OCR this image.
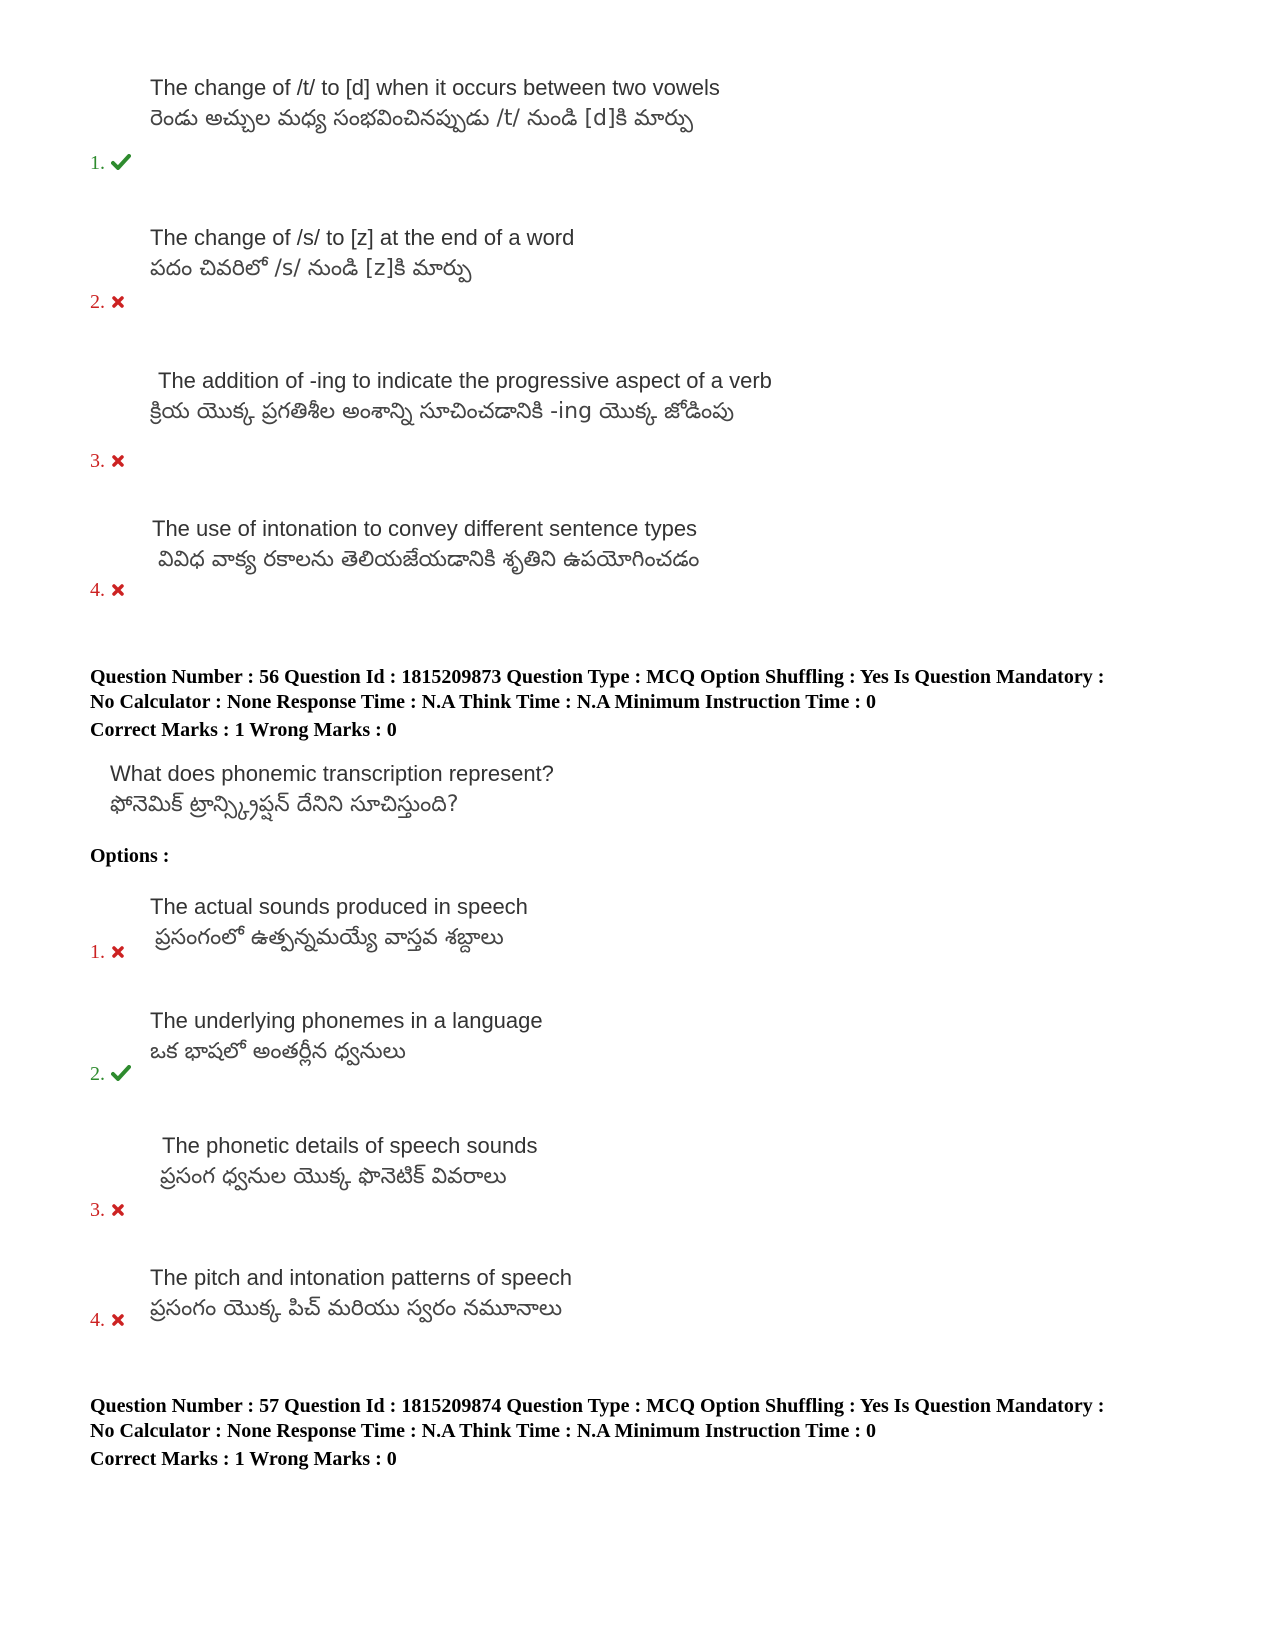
The change of /t/ to [d] when it occurs between two vowels
రెండు అచ్చుల మధ్య సంభవించినప్పుడు /t/ నుండి [d]కి మార్పు
1.
The change of /s/ to [z] at the end of a word
పదం చివరిలో /s/ నుండి [z]కి మార్పు
2.
The addition of -ing to indicate the progressive aspect of a verb
క్రియ యొక్క ప్రగతిశీల అంశాన్ని సూచించడానికి -ing యొక్క జోడింపు
3.
The use of intonation to convey different sentence types
వివిధ వాక్య రకాలను తెలియజేయడానికి శృతిని ఉపయోగించడం
4.
Question Number : 56 Question Id : 1815209873 Question Type : MCQ Option Shuffling : Yes Is Question Mandatory :
No Calculator : None Response Time : N.A Think Time : N.A Minimum Instruction Time : 0
Correct Marks : 1 Wrong Marks : 0
What does phonemic transcription represent?
ఫోనెమిక్ ట్రాన్స్క్రిప్షన్ దేనిని సూచిస్తుంది?
Options :
The actual sounds produced in speech
ప్రసంగంలో ఉత్పన్నమయ్యే వాస్తవ శబ్దాలు
1.
The underlying phonemes in a language
ఒక భాషలో అంతర్లీన ధ్వనులు
2.
The phonetic details of speech sounds
ప్రసంగ ధ్వనుల యొక్క ఫొనెటిక్ వివరాలు
3.
The pitch and intonation patterns of speech
ప్రసంగం యొక్క పిచ్ మరియు స్వరం నమూనాలు
4.
Question Number : 57 Question Id : 1815209874 Question Type : MCQ Option Shuffling : Yes Is Question Mandatory :
No Calculator : None Response Time : N.A Think Time : N.A Minimum Instruction Time : 0
Correct Marks : 1 Wrong Marks : 0
